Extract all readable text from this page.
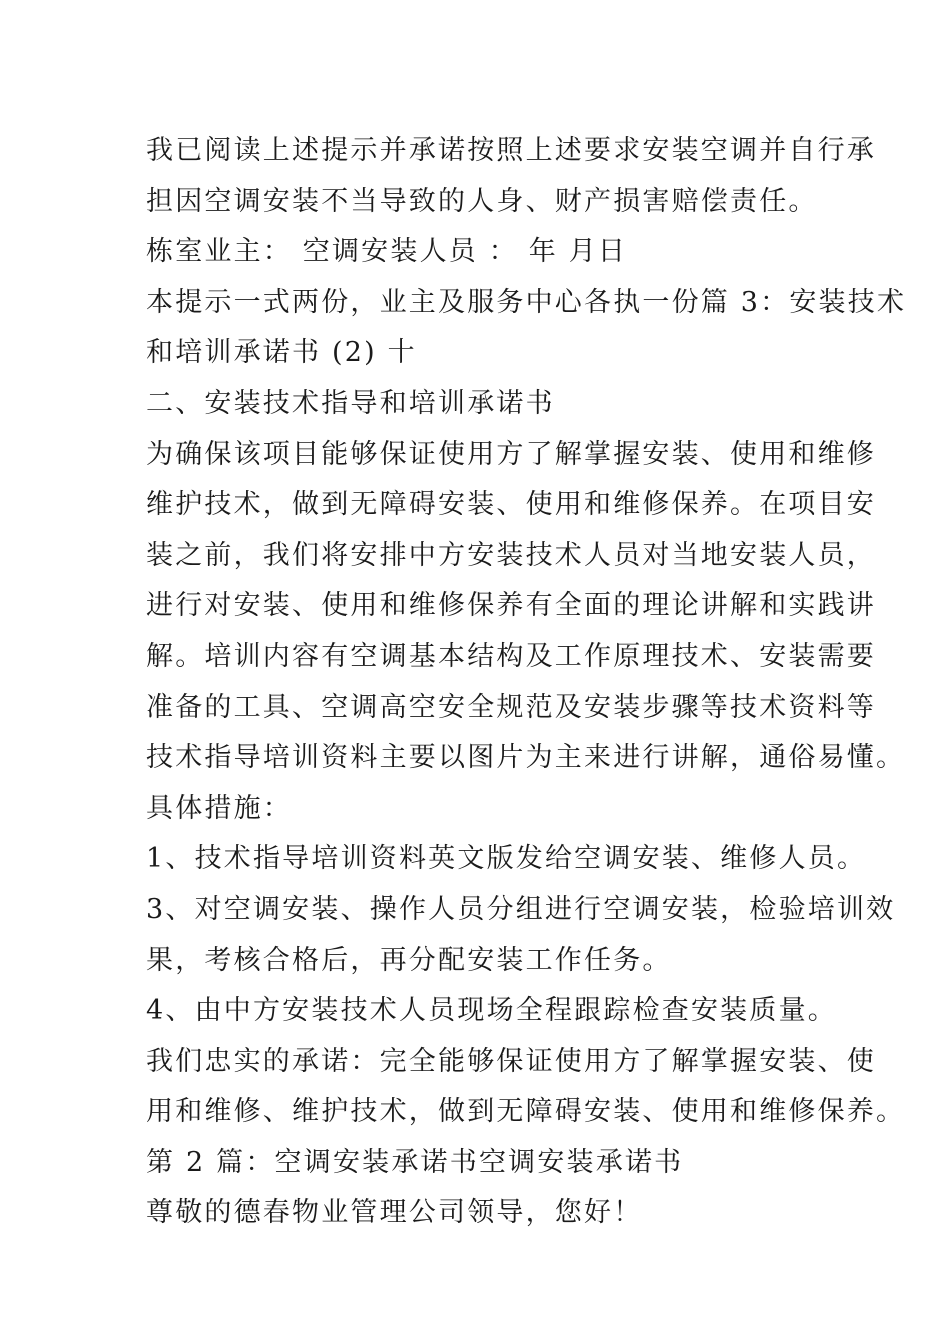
我已阅读上述提示并承诺按照上述要求安装空调并自行承
担因空调安装不当导致的人身、财产损害赔偿责任。
栋室业主： 空调安装人员 ： 年 月日
本提示一式两份，业主及服务中心各执一份篇 3：安装技术
和培训承诺书 (2) 十
二、安装技术指导和培训承诺书
为确保该项目能够保证使用方了解掌握安装、使用和维修
维护技术，做到无障碍安装、使用和维修保养。在项目安
装之前，我们将安排中方安装技术人员对当地安装人员，
进行对安装、使用和维修保养有全面的理论讲解和实践讲
解。培训内容有空调基本结构及工作原理技术、安装需要
准备的工具、空调高空安全规范及安装步骤等技术资料等
技术指导培训资料主要以图片为主来进行讲解，通俗易懂。
具体措施：
1、技术指导培训资料英文版发给空调安装、维修人员。
3、对空调安装、操作人员分组进行空调安装，检验培训效
果，考核合格后，再分配安装工作任务。
4、由中方安装技术人员现场全程跟踪检查安装质量。
我们忠实的承诺：完全能够保证使用方了解掌握安装、使
用和维修、维护技术，做到无障碍安装、使用和维修保养。
第 2 篇：空调安装承诺书空调安装承诺书
尊敬的德春物业管理公司领导，您好！
